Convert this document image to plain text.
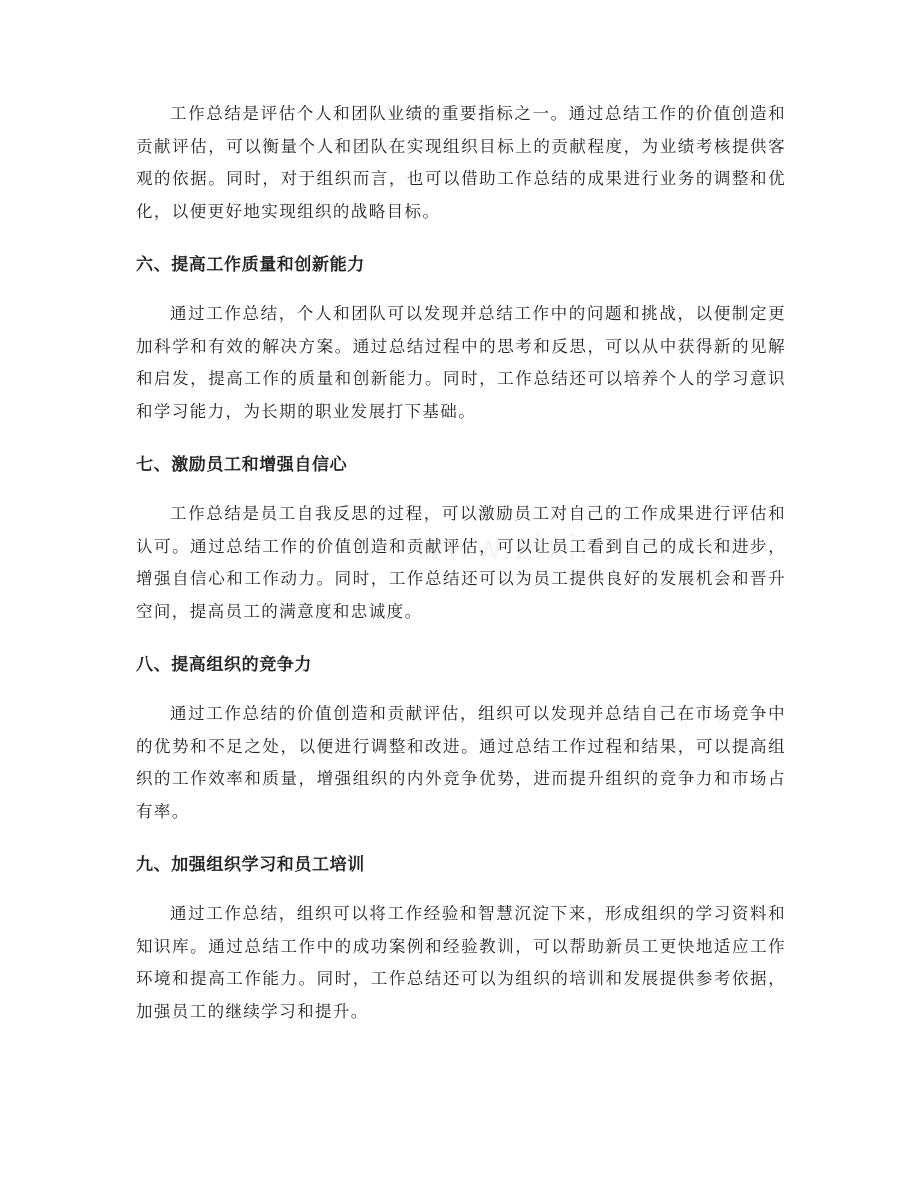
工作总结是评估个人和团队业绩的重要指标之一。通过总结工作的价值创造和贡献评估，可以衡量个人和团队在实现组织目标上的贡献程度，为业绩考核提供客观的依据。同时，对于组织而言，也可以借助工作总结的成果进行业务的调整和优化，以便更好地实现组织的战略目标。

六、提高工作质量和创新能力

通过工作总结，个人和团队可以发现并总结工作中的问题和挑战，以便制定更加科学和有效的解决方案。通过总结过程中的思考和反思，可以从中获得新的见解和启发，提高工作的质量和创新能力。同时，工作总结还可以培养个人的学习意识和学习能力，为长期的职业发展打下基础。

七、激励员工和增强自信心

工作总结是员工自我反思的过程，可以激励员工对自己的工作成果进行评估和认可。通过总结工作的价值创造和贡献评估，可以让员工看到自己的成长和进步，增强自信心和工作动力。同时，工作总结还可以为员工提供良好的发展机会和晋升空间，提高员工的满意度和忠诚度。

八、提高组织的竞争力

通过工作总结的价值创造和贡献评估，组织可以发现并总结自己在市场竞争中的优势和不足之处，以便进行调整和改进。通过总结工作过程和结果，可以提高组织的工作效率和质量，增强组织的内外竞争优势，进而提升组织的竞争力和市场占有率。

九、加强组织学习和员工培训

通过工作总结，组织可以将工作经验和智慧沉淀下来，形成组织的学习资料和知识库。通过总结工作中的成功案例和经验教训，可以帮助新员工更快地适应工作环境和提高工作能力。同时，工作总结还可以为组织的培训和发展提供参考依据，加强员工的继续学习和提升。
